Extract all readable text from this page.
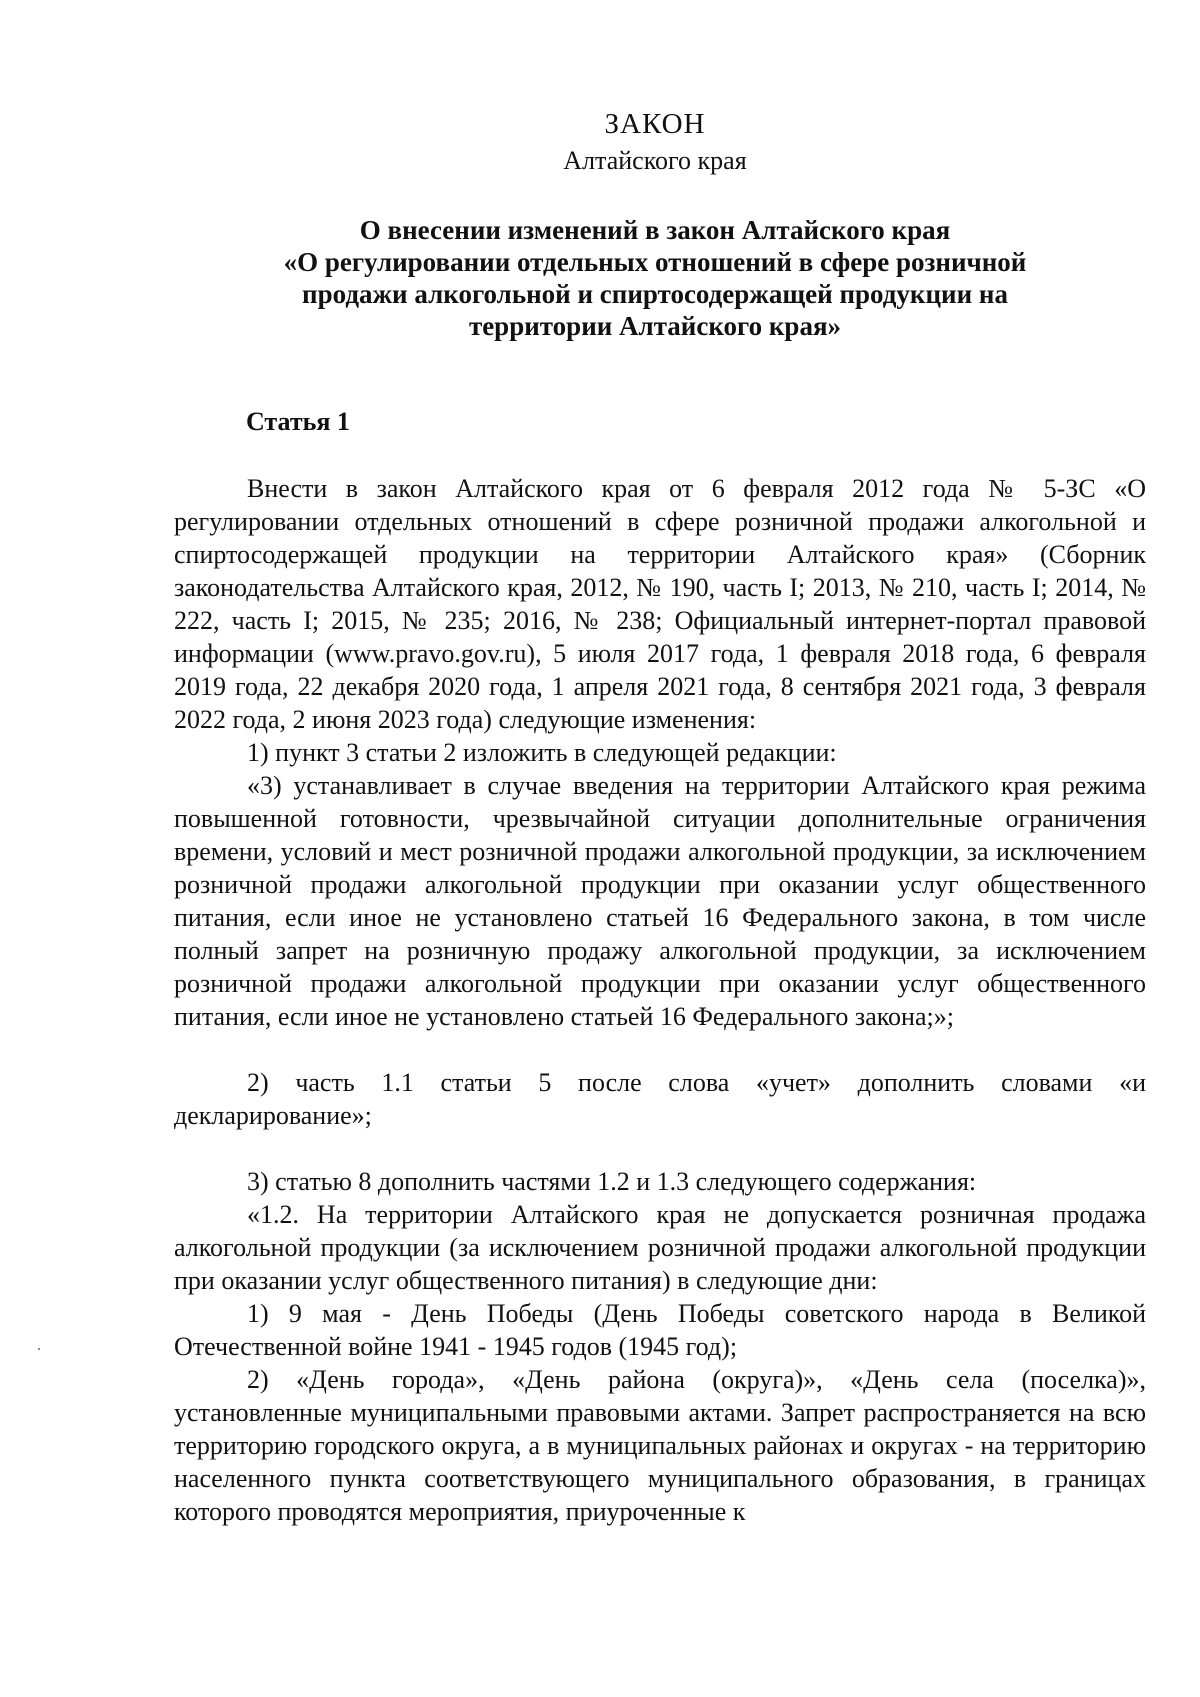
ЗАКОН
Алтайского края
О внесении изменений в закон Алтайского края
«О регулировании отдельных отношений в сфере розничной
продажи алкогольной и спиртосодержащей продукции на
территории Алтайского края»
Статья 1

Внести в закон Алтайского края от 6 февраля 2012 года № 5-ЗС «О регулировании отдельных отношений в сфере розничной продажи алкогольной и спиртосодержащей продукции на территории Алтайского края» (Сборник законодательства Алтайского края, 2012, № 190, часть I; 2013, № 210, часть I; 2014, № 222, часть I; 2015, № 235; 2016, № 238; Официальный интернет-портал правовой информации (www.pravo.gov.ru), 5 июля 2017 года, 1 февраля 2018 года, 6 февраля 2019 года, 22 декабря 2020 года, 1 апреля 2021 года, 8 сентября 2021 года, 3 февраля 2022 года, 2 июня 2023 года) следующие изменения:

1) пункт 3 статьи 2 изложить в следующей редакции:

«3) устанавливает в случае введения на территории Алтайского края режима повышенной готовности, чрезвычайной ситуации дополнительные ограничения времени, условий и мест розничной продажи алкогольной продукции, за исключением розничной продажи алкогольной продукции при оказании услуг общественного питания, если иное не установлено статьей 16 Федерального закона, в том числе полный запрет на розничную продажу алкогольной продукции, за исключением розничной продажи алкогольной продукции при оказании услуг общественного питания, если иное не установлено статьей 16 Федерального закона;»;

2) часть 1.1 статьи 5 после слова «учет» дополнить словами «и декларирование»;

3) статью 8 дополнить частями 1.2 и 1.3 следующего содержания:

«1.2. На территории Алтайского края не допускается розничная продажа алкогольной продукции (за исключением розничной продажи алкогольной продукции при оказании услуг общественного питания) в следующие дни:

1) 9 мая - День Победы (День Победы советского народа в Великой Отечественной войне 1941 - 1945 годов (1945 год);

2) «День города», «День района (округа)», «День села (поселка)», установленные муниципальными правовыми актами. Запрет распространяется на всю территорию городского округа, а в муниципальных районах и округах - на территорию населенного пункта соответствующего муниципального образования, в границах которого проводятся мероприятия, приуроченные к
